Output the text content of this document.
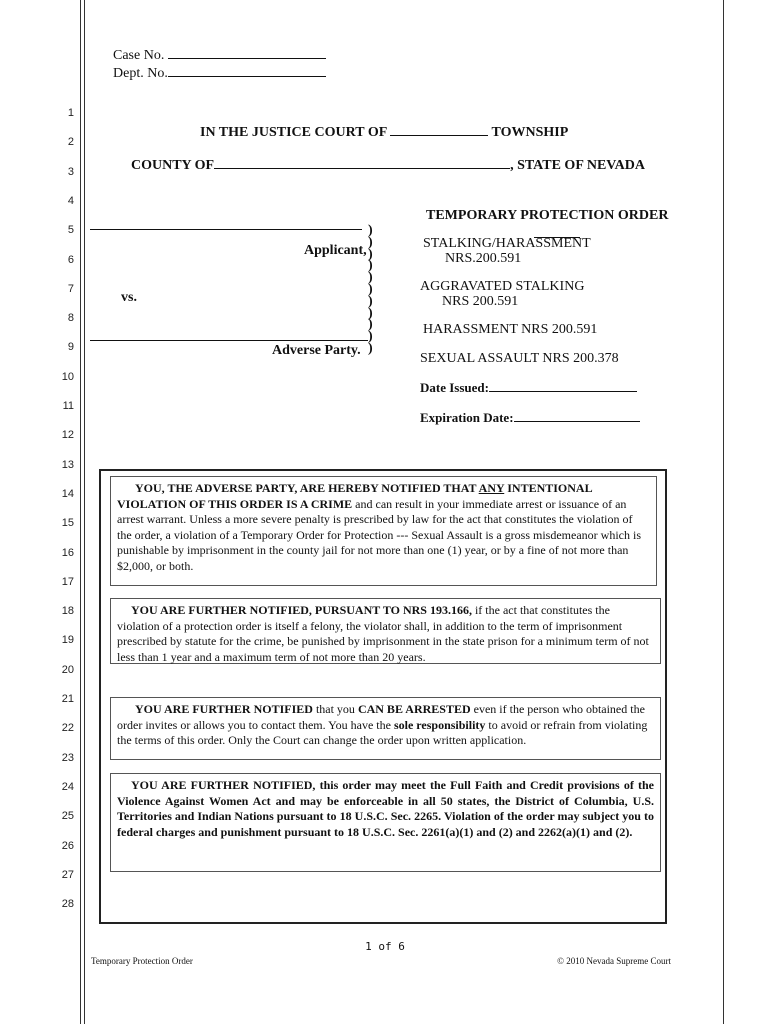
Case No.
Dept. No.
1
2
3
4
5
6
7
8
9
10
11
12
13
14
15
16
17
18
19
20
21
22
23
24
25
26
27
28
IN THE JUSTICE COURT OF	TOWNSHIP
COUNTY OF	, STATE OF NEVADA
Applicant,
vs.
Adverse Party.
)
)
)
)
)
)
)
)
)
)
)
TEMPORARY PROTECTION ORDER
STALKING/HARASSMENT
NRS.200.591
AGGRAVATED STALKING
NRS 200.591
HARASSMENT NRS 200.591
SEXUAL ASSAULT NRS 200.378
Date Issued:
Expiration Date:
YOU, THE ADVERSE PARTY, ARE HEREBY NOTIFIED THAT ANY INTENTIONAL VIOLATION OF THIS ORDER IS A CRIME and can result in your immediate arrest or issuance of an arrest warrant. Unless a more severe penalty is prescribed by law for the act that constitutes the violation of the order, a violation of a Temporary Order for Protection --- Sexual Assault is a gross misdemeanor which is punishable by imprisonment in the county jail for not more than one (1) year, or by a fine of not more than $2,000, or both.
YOU ARE FURTHER NOTIFIED, PURSUANT TO NRS 193.166, if the act that constitutes the violation of a protection order is itself a felony, the violator shall, in addition to the term of imprisonment prescribed by statute for the crime, be punished by imprisonment in the state prison for a minimum term of not less than 1 year and a maximum term of not more than 20 years.
YOU ARE FURTHER NOTIFIED that you CAN BE ARRESTED even if the person who obtained the order invites or allows you to contact them. You have the sole responsibility to avoid or refrain from violating the terms of this order. Only the Court can change the order upon written application.
YOU ARE FURTHER NOTIFIED, this order may meet the Full Faith and Credit provisions of the Violence Against Women Act and may be enforceable in all 50 states, the District of Columbia, U.S. Territories and Indian Nations pursuant to 18 U.S.C. Sec. 2265. Violation of the order may subject you to federal charges and punishment pursuant to 18 U.S.C. Sec. 2261(a)(1) and (2) and 2262(a)(1) and (2).
1 of 6
Temporary Protection Order	© 2010 Nevada Supreme Court
